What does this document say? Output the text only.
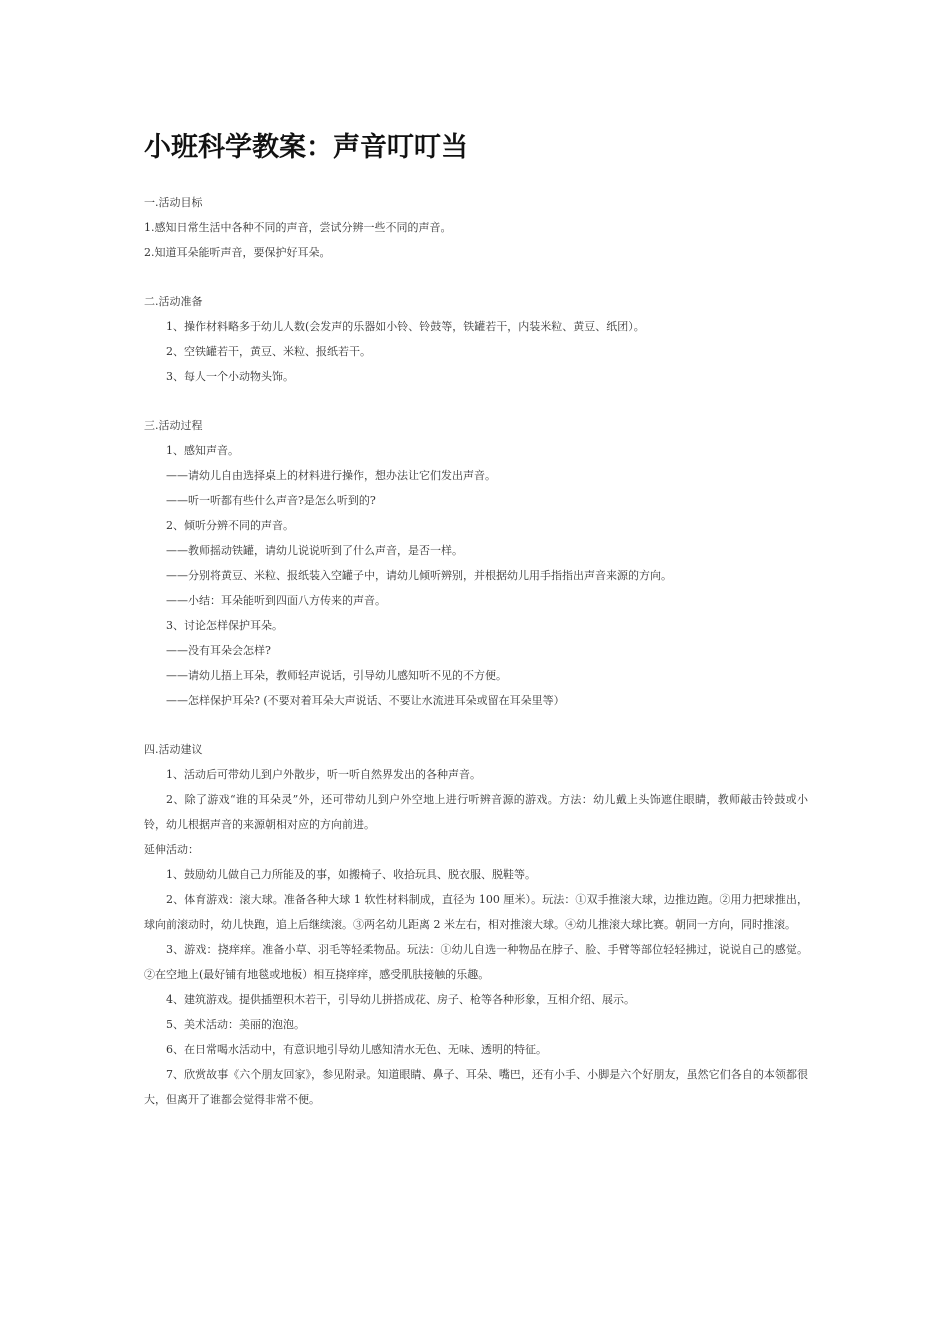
小班科学教案：声音叮叮当
一.活动目标
1.感知日常生活中各种不同的声音，尝试分辨一些不同的声音。
2.知道耳朵能听声音，要保护好耳朵。
二.活动准备
1、操作材料略多于幼儿人数(会发声的乐器如小铃、铃鼓等，铁罐若干，内装米粒、黄豆、纸团）。
2、空铁罐若干，黄豆、米粒、报纸若干。
3、每人一个小动物头饰。
三.活动过程
1、感知声音。
——请幼儿自由选择桌上的材料进行操作，想办法让它们发出声音。
——听一听都有些什么声音?是怎么听到的?
2、倾听分辨不同的声音。
——教师摇动铁罐，请幼儿说说听到了什么声音，是否一样。
——分别将黄豆、米粒、报纸装入空罐子中，请幼儿倾听辨别，并根据幼儿用手指指出声音来源的方向。
——小结：耳朵能听到四面八方传来的声音。
3、讨论怎样保护耳朵。
——没有耳朵会怎样?
——请幼儿捂上耳朵，教师轻声说话，引导幼儿感知听不见的不方便。
——怎样保护耳朵? (不要对着耳朵大声说话、不要让水流进耳朵或留在耳朵里等）
四.活动建议
1、活动后可带幼儿到户外散步，听一听自然界发出的各种声音。
2、除了游戏“谁的耳朵灵”外，还可带幼儿到户外空地上进行听辨音源的游戏。方法：幼儿戴上头饰遮住眼睛，教师敲击铃鼓或小铃，幼儿根据声音的来源朝相对应的方向前进。
延伸活动：
1、鼓励幼儿做自己力所能及的事，如搬椅子、收拾玩具、脱衣服、脱鞋等。
2、体育游戏：滚大球。准备各种大球 1 软性材料制成，直径为 100 厘米）。玩法：①双手推滚大球，边推边跑。②用力把球推出，球向前滚动时，幼儿快跑，追上后继续滚。③两名幼儿距离 2 米左右，相对推滚大球。④幼儿推滚大球比赛。朝同一方向，同时推滚。
3、游戏：挠痒痒。准备小草、羽毛等轻柔物品。玩法：①幼儿自选一种物品在脖子、脸、手臂等部位轻轻拂过，说说自己的感觉。②在空地上(最好铺有地毯或地板）相互挠痒痒，感受肌肤接触的乐趣。
4、建筑游戏。提供插塑积木若干，引导幼儿拼搭成花、房子、枪等各种形象，互相介绍、展示。
5、美术活动：美丽的泡泡。
6、在日常喝水活动中，有意识地引导幼儿感知清水无色、无味、透明的特征。
7、欣赏故事《六个朋友回家》，参见附录。知道眼睛、鼻子、耳朵、嘴巴，还有小手、小脚是六个好朋友，虽然它们各自的本领都很大，但离开了谁都会觉得非常不便。
